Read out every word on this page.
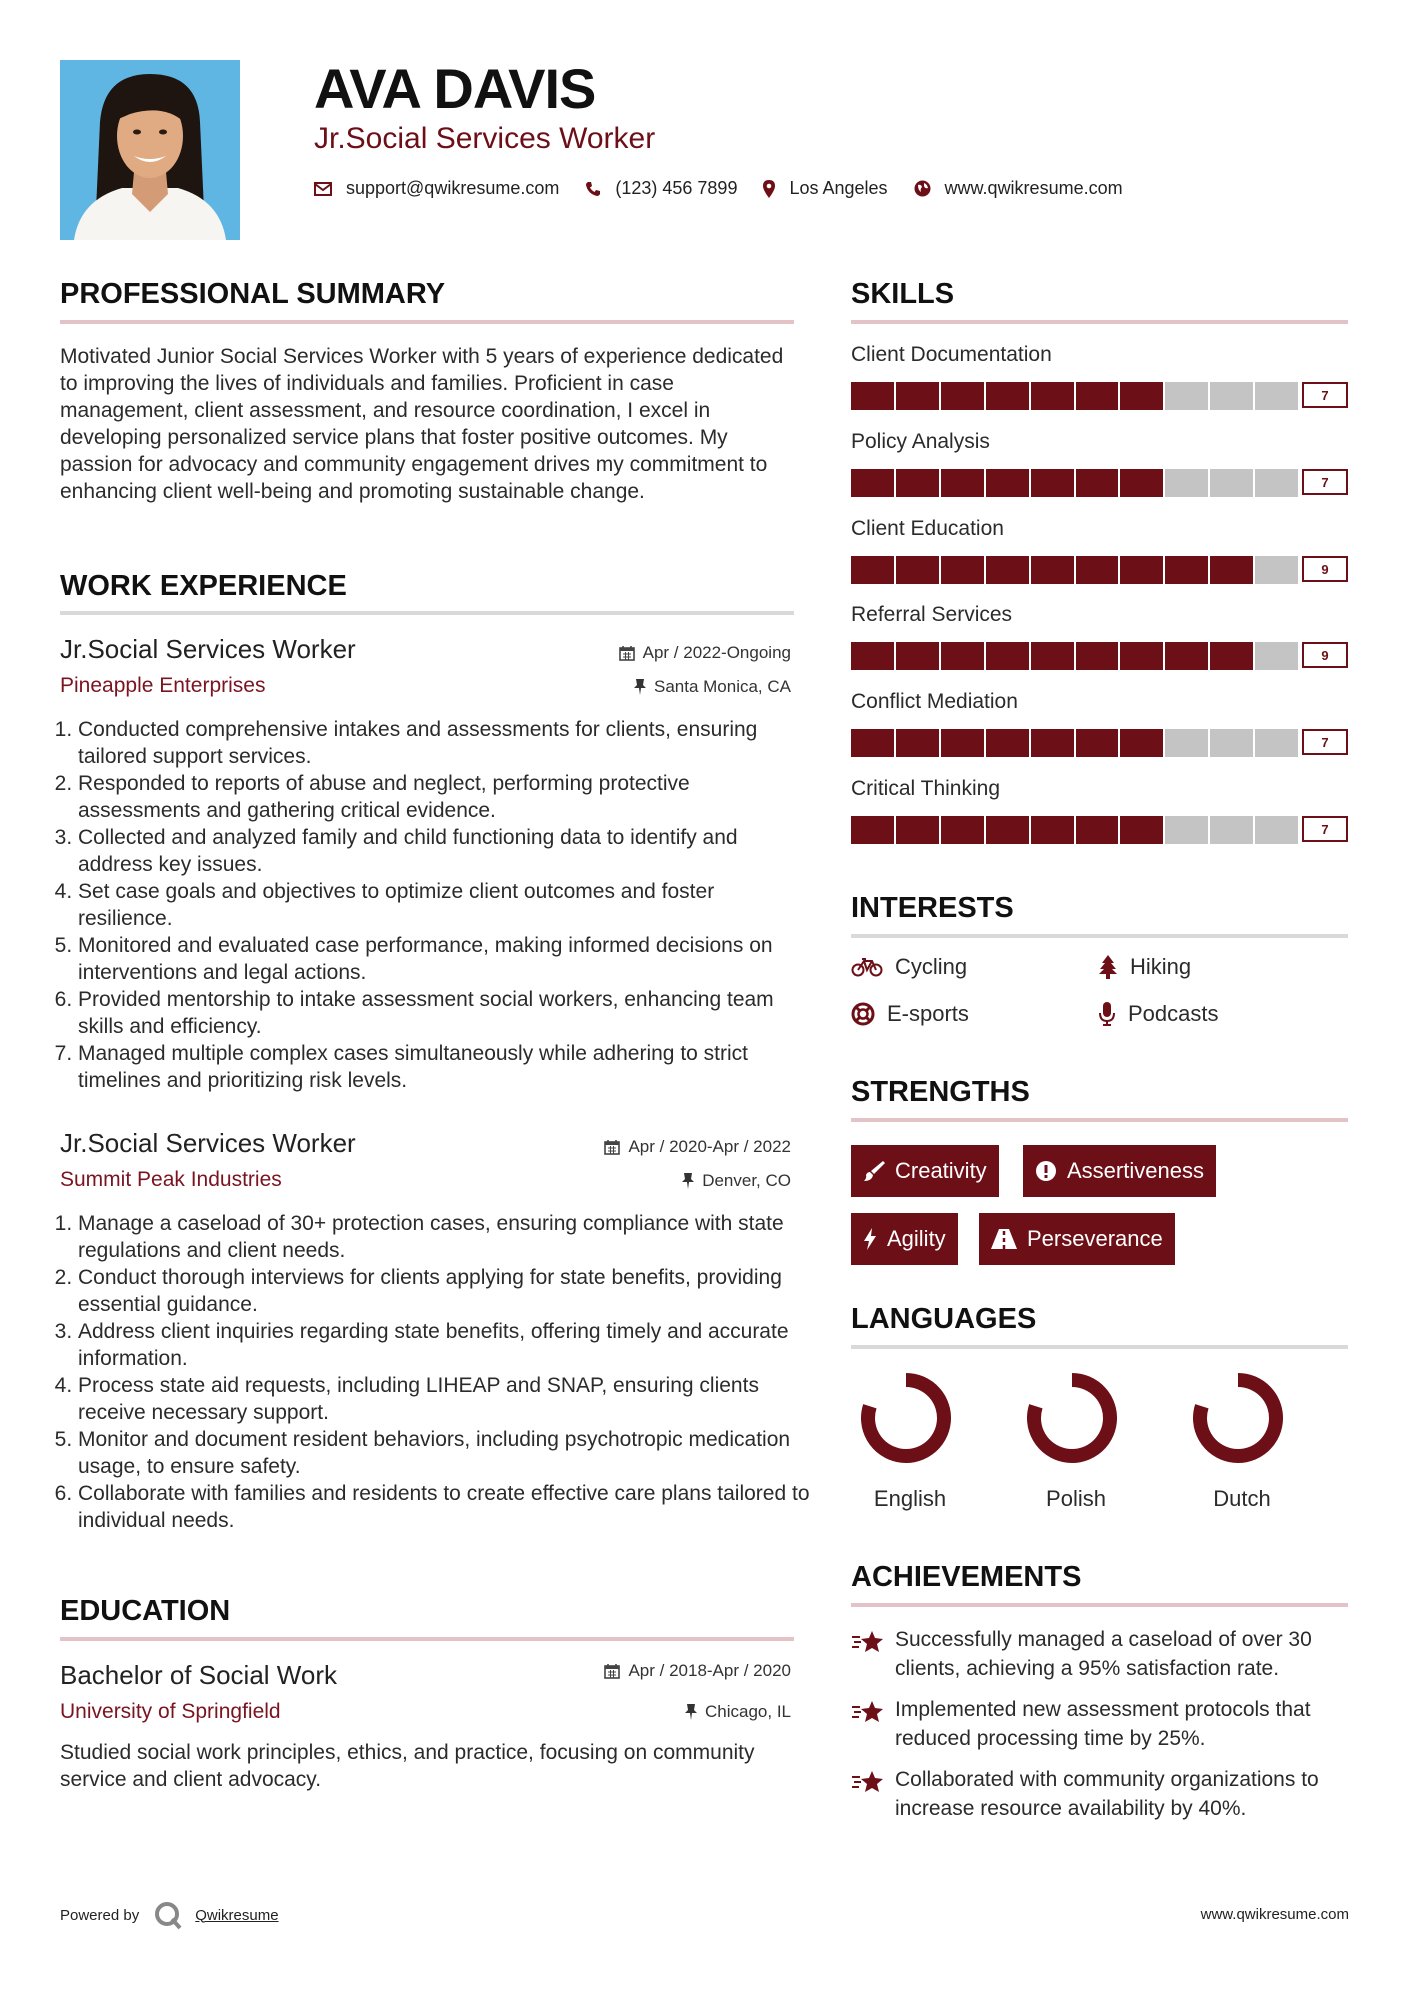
AVA DAVIS
Jr.Social Services Worker
support@qwikresume.com	(123) 456 7899	Los Angeles	www.qwikresume.com
PROFESSIONAL SUMMARY
Motivated Junior Social Services Worker with 5 years of experience dedicated to improving the lives of individuals and families. Proficient in case management, client assessment, and resource coordination, I excel in developing personalized service plans that foster positive outcomes. My passion for advocacy and community engagement drives my commitment to enhancing client well-being and promoting sustainable change.
WORK EXPERIENCE
Jr.Social Services Worker
Pineapple Enterprises
Apr / 2022-Ongoing
Santa Monica, CA
1. Conducted comprehensive intakes and assessments for clients, ensuring tailored support services.
2. Responded to reports of abuse and neglect, performing protective assessments and gathering critical evidence.
3. Collected and analyzed family and child functioning data to identify and address key issues.
4. Set case goals and objectives to optimize client outcomes and foster resilience.
5. Monitored and evaluated case performance, making informed decisions on interventions and legal actions.
6. Provided mentorship to intake assessment social workers, enhancing team skills and efficiency.
7. Managed multiple complex cases simultaneously while adhering to strict timelines and prioritizing risk levels.
Jr.Social Services Worker
Summit Peak Industries
Apr / 2020-Apr / 2022
Denver, CO
1. Manage a caseload of 30+ protection cases, ensuring compliance with state regulations and client needs.
2. Conduct thorough interviews for clients applying for state benefits, providing essential guidance.
3. Address client inquiries regarding state benefits, offering timely and accurate information.
4. Process state aid requests, including LIHEAP and SNAP, ensuring clients receive necessary support.
5. Monitor and document resident behaviors, including psychotropic medication usage, to ensure safety.
6. Collaborate with families and residents to create effective care plans tailored to individual needs.
EDUCATION
Bachelor of Social Work
University of Springfield
Apr / 2018-Apr / 2020
Chicago, IL
Studied social work principles, ethics, and practice, focusing on community service and client advocacy.
SKILLS
Client Documentation
7
Policy Analysis
7
Client Education
9
Referral Services
9
Conflict Mediation
7
Critical Thinking
7
INTERESTS
Cycling	Hiking
E-sports	Podcasts
STRENGTHS
Creativity	Assertiveness
Agility	Perseverance
LANGUAGES
English	Polish	Dutch
ACHIEVEMENTS
Successfully managed a caseload of over 30 clients, achieving a 95% satisfaction rate.
Implemented new assessment protocols that reduced processing time by 25%.
Collaborated with community organizations to increase resource availability by 40%.
Powered by	Qwikresume	www.qwikresume.com
